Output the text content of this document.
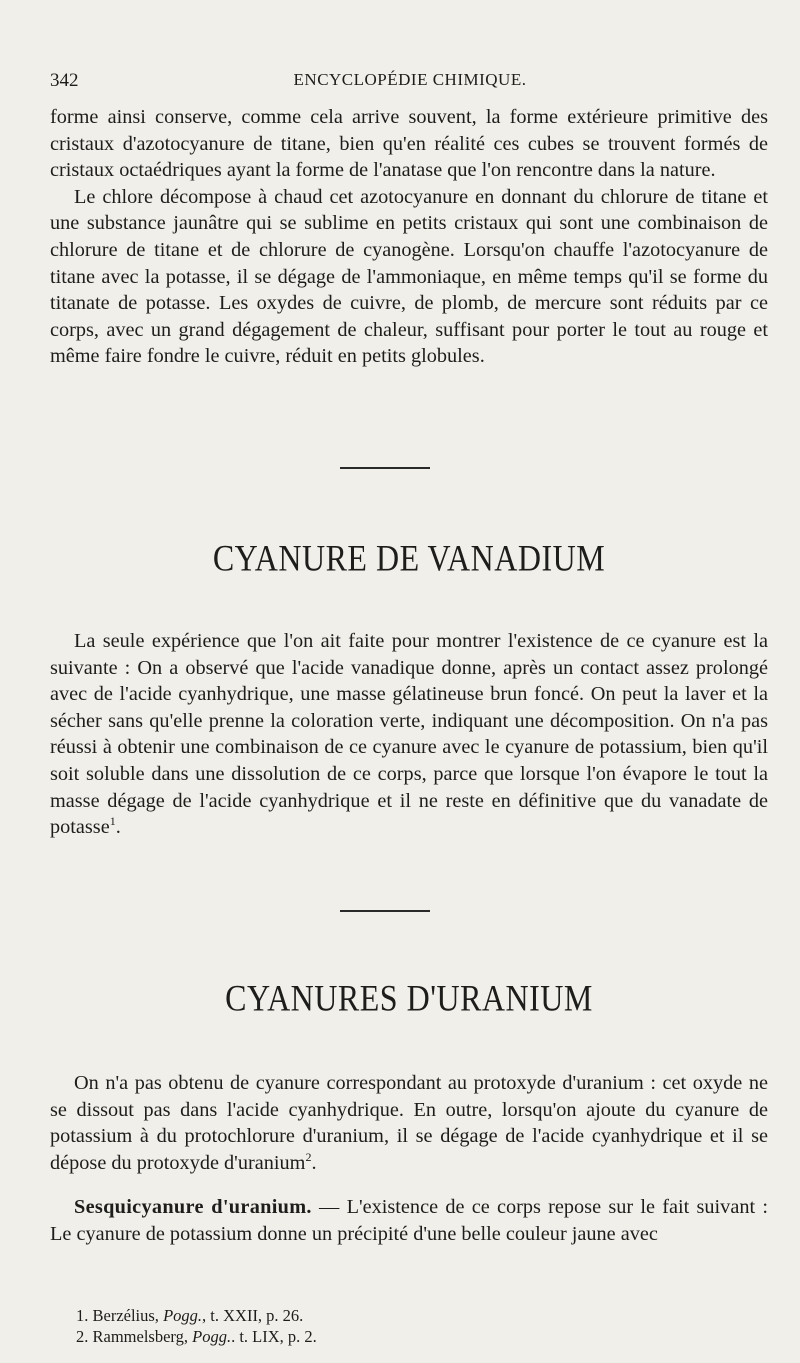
342	ENCYCLOPÉDIE CHIMIQUE.

forme ainsi conserve, comme cela arrive souvent, la forme extérieure primitive des cristaux d'azotocyanure de titane, bien qu'en réalité ces cubes se trouvent formés de cristaux octaédriques ayant la forme de l'anatase que l'on rencontre dans la nature.

Le chlore décompose à chaud cet azotocyanure en donnant du chlorure de titane et une substance jaunâtre qui se sublime en petits cristaux qui sont une combinaison de chlorure de titane et de chlorure de cyanogène. Lorsqu'on chauffe l'azotocyanure de titane avec la potasse, il se dégage de l'ammoniaque, en même temps qu'il se forme du titanate de potasse. Les oxydes de cuivre, de plomb, de mercure sont réduits par ce corps, avec un grand dégagement de chaleur, suffisant pour porter le tout au rouge et même faire fondre le cuivre, réduit en petits globules.

CYANURE DE VANADIUM

La seule expérience que l'on ait faite pour montrer l'existence de ce cyanure est la suivante : On a observé que l'acide vanadique donne, après un contact assez prolongé avec de l'acide cyanhydrique, une masse gélatineuse brun foncé. On peut la laver et la sécher sans qu'elle prenne la coloration verte, indiquant une décomposition. On n'a pas réussi à obtenir une combinaison de ce cyanure avec le cyanure de potassium, bien qu'il soit soluble dans une dissolution de ce corps, parce que lorsque l'on évapore le tout la masse dégage de l'acide cyanhydrique et il ne reste en définitive que du vanadate de potasse$^1$.

CYANURES D'URANIUM

On n'a pas obtenu de cyanure correspondant au protoxyde d'uranium : cet oxyde ne se dissout pas dans l'acide cyanhydrique. En outre, lorsqu'on ajoute du cyanure de potassium à du protochlorure d'uranium, il se dégage de l'acide cyanhydrique et il se dépose du protoxyde d'uranium$^2$.

Sesquicyanure d'uranium. — L'existence de ce corps repose sur le fait suivant : Le cyanure de potassium donne un précipité d'une belle couleur jaune avec

1. Berzélius, Pogg., t. XXII, p. 26.
2. Rammelsberg, Pogg.. t. LIX, p. 2.
